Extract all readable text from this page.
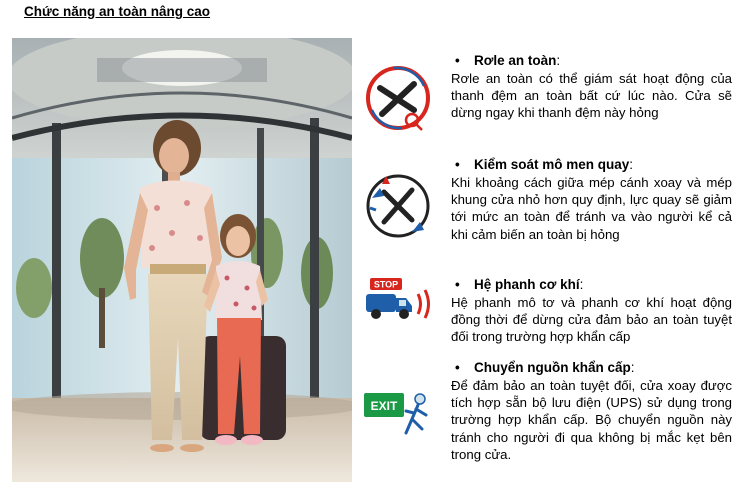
Chức năng an toàn nâng cao
• Rơle an toàn:

Rơle an toàn có thể giám sát hoạt động của thanh đệm an toàn bất cứ lúc nào. Cửa sẽ dừng ngay khi thanh đệm này hỏng

• Kiểm soát mô men quay:

Khi khoảng cách giữa mép cánh xoay và mép khung cửa nhỏ hơn quy định, lực quay sẽ giảm tới mức an toàn để tránh va vào người kể cả khi cảm biến an toàn bị hỏng

STOP	• Hệ phanh cơ khí:

Hệ phanh mô tơ và phanh cơ khí hoạt động đồng thời để dừng cửa đảm bảo an toàn tuyệt đối trong trường hợp khẩn cấp

EXIT
• Chuyển nguồn khẩn cấp:

Để đảm bảo an toàn tuyệt đối, cửa xoay được tích hợp sẵn bộ lưu điện (UPS) sử dụng trong trường hợp khẩn cấp. Bộ chuyển nguồn này tránh cho người đi qua không bị mắc kẹt bên trong cửa.
